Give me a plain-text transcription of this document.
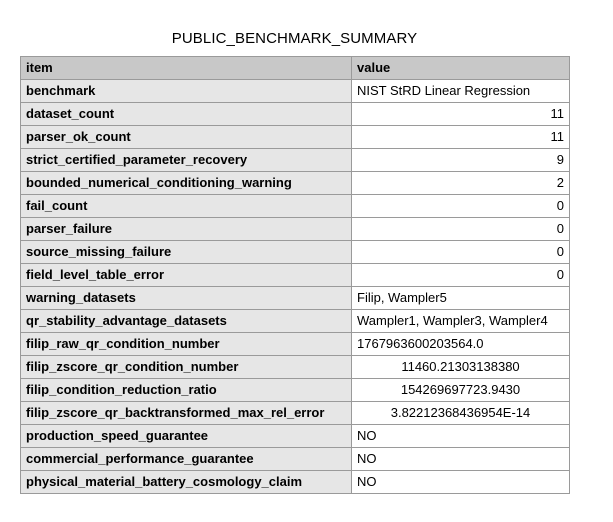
PUBLIC_BENCHMARK_SUMMARY
item	value
benchmark	NIST StRD Linear Regression
dataset_count	11
parser_ok_count	11
strict_certified_parameter_recovery	9
bounded_numerical_conditioning_warning	2
fail_count	0
parser_failure	0
source_missing_failure	0
field_level_table_error	0
warning_datasets	Filip, Wampler5
qr_stability_advantage_datasets	Wampler1, Wampler3, Wampler4
filip_raw_qr_condition_number	1767963600203564.0
filip_zscore_qr_condition_number	11460.21303138380
filip_condition_reduction_ratio	154269697723.9430
filip_zscore_qr_backtransformed_max_rel_error	3.82212368436954E-14
production_speed_guarantee	NO
commercial_performance_guarantee	NO
physical_material_battery_cosmology_claim	NO
